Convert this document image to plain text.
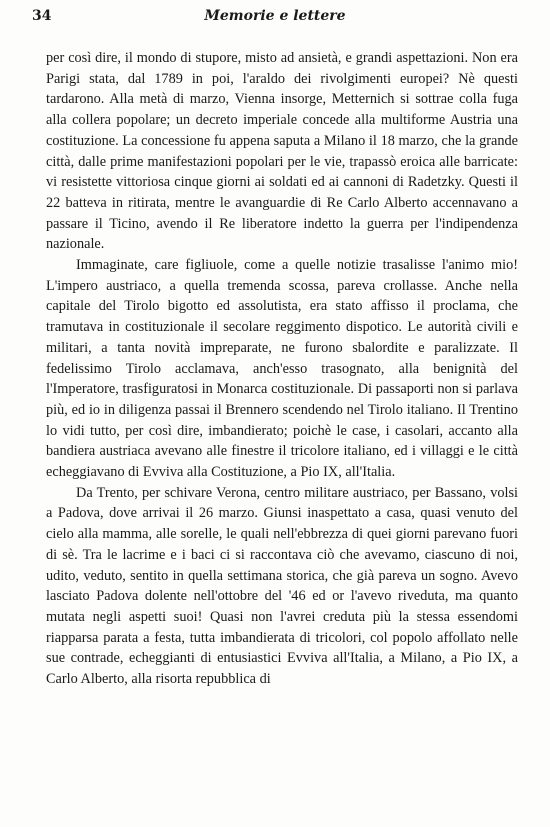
34	Memorie e lettere

per così dire, il mondo di stupore, misto ad ansietà, e grandi aspettazioni. Non era Parigi stata, dal 1789 in poi, l'araldo dei rivolgimenti europei? Nè questi tardarono. Alla metà di marzo, Vienna insorge, Metternich si sottrae colla fuga alla collera popolare; un decreto imperiale concede alla multiforme Austria una costituzione. La concessione fu appena saputa a Milano il 18 marzo, che la grande città, dalle prime manifestazioni popolari per le vie, trapassò eroica alle barricate: vi resistette vittoriosa cinque giorni ai soldati ed ai cannoni di Radetzky. Questi il 22 batteva in ritirata, mentre le avanguardie di Re Carlo Alberto accennavano a passare il Ticino, avendo il Re liberatore indetto la guerra per l'indipendenza nazionale.

Immaginate, care figliuole, come a quelle notizie trasalisse l'animo mio! L'impero austriaco, a quella tremenda scossa, pareva crollasse. Anche nella capitale del Tirolo bigotto ed assolutista, era stato affisso il proclama, che tramutava in costituzionale il secolare reggimento dispotico. Le autorità civili e militari, a tanta novità impreparate, ne furono sbalordite e paralizzate. Il fedelissimo Tirolo acclamava, anch'esso trasognato, alla benignità del l'Imperatore, trasfiguratosi in Monarca costituzionale. Di passaporti non si parlava più, ed io in diligenza passai il Brennero scendendo nel Tirolo italiano. Il Trentino lo vidi tutto, per così dire, imbandierato; poichè le case, i casolari, accanto alla bandiera austriaca avevano alle finestre il tricolore italiano, ed i villaggi e le città echeggiavano di Evviva alla Costituzione, a Pio IX, all'Italia.

Da Trento, per schivare Verona, centro militare austriaco, per Bassano, volsi a Padova, dove arrivai il 26 marzo. Giunsi inaspettato a casa, quasi venuto del cielo alla mamma, alle sorelle, le quali nell'ebbrezza di quei giorni parevano fuori di sè. Tra le lacrime e i baci ci si raccontava ciò che avevamo, ciascuno di noi, udito, veduto, sentito in quella settimana storica, che già pareva un sogno. Avevo lasciato Padova dolente nell'ottobre del '46 ed or l'avevo riveduta, ma quanto mutata negli aspetti suoi! Quasi non l'avrei creduta più la stessa essendomi riapparsa parata a festa, tutta imbandierata di tricolori, col popolo affollato nelle sue contrade, echeggianti di entusiastici Evviva all'Italia, a Milano, a Pio IX, a Carlo Alberto, alla risorta repubblica di
